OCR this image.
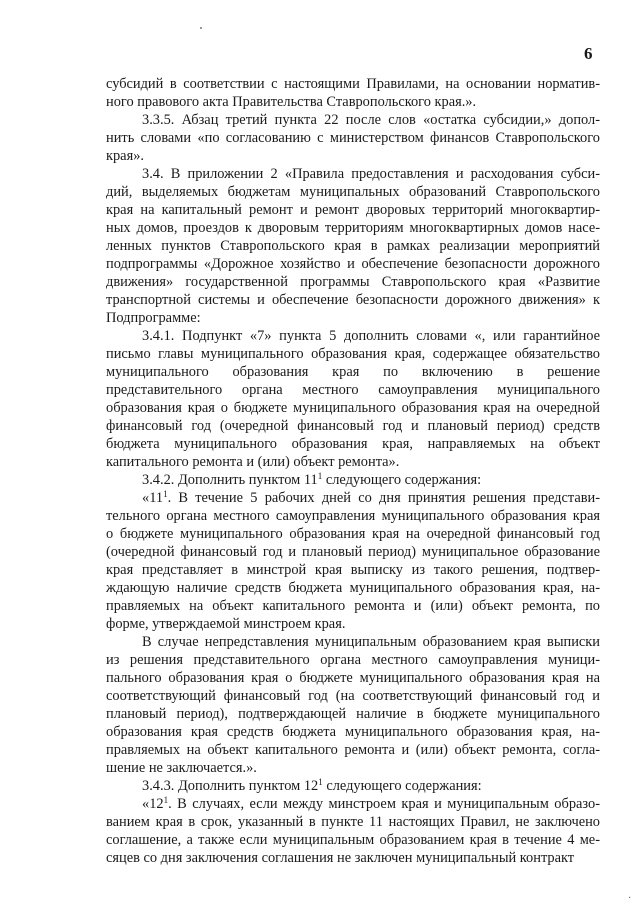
6
субсидий в соответствии с настоящими Правилами, на основании норматив-
ного правового акта Правительства Ставропольского края.».
3.3.5. Абзац третий пункта 22 после слов «остатка субсидии,» допол-
нить словами «по согласованию с министерством финансов Ставропольского
края».
3.4. В приложении 2 «Правила предоставления и расходования субси-
дий, выделяемых бюджетам муниципальных образований Ставропольского
края на капитальный ремонт и ремонт дворовых территорий многоквартир-
ных домов, проездов к дворовым территориям многоквартирных домов насе-
ленных пунктов Ставропольского края в рамках реализации мероприятий
подпрограммы «Дорожное хозяйство и обеспечение безопасности дорожного
движения» государственной программы Ставропольского края «Развитие
транспортной системы и обеспечение безопасности дорожного движения» к
Подпрограмме:
3.4.1. Подпункт «7» пункта 5 дополнить словами «, или гарантийное
письмо главы муниципального образования края, содержащее обязательство
муниципального образования края по включению в решение
представительного органа местного самоуправления муниципального
образования края о бюджете муниципального образования края на очередной
финансовый год (очередной финансовый год и плановый период) средств
бюджета муниципального образования края, направляемых на объект
капитального ремонта и (или) объект ремонта».
3.4.2. Дополнить пунктом $11^1$ следующего содержания:
«$11^1$. В течение 5 рабочих дней со дня принятия решения представи-
тельного органа местного самоуправления муниципального образования края
о бюджете муниципального образования края на очередной финансовый год
(очередной финансовый год и плановый период) муниципальное образование
края представляет в минстрой края выписку из такого решения, подтвер-
ждающую наличие средств бюджета муниципального образования края, на-
правляемых на объект капитального ремонта и (или) объект ремонта, по
форме, утверждаемой минстроем края.
В случае непредставления муниципальным образованием края выписки
из решения представительного органа местного самоуправления муници-
пального образования края о бюджете муниципального образования края на
соответствующий финансовый год (на соответствующий финансовый год и
плановый период), подтверждающей наличие в бюджете муниципального
образования края средств бюджета муниципального образования края, на-
правляемых на объект капитального ремонта и (или) объект ремонта, согла-
шение не заключается.».
3.4.3. Дополнить пунктом $12^1$ следующего содержания:
«$12^1$. В случаях, если между минстроем края и муниципальным образо-
ванием края в срок, указанный в пункте 11 настоящих Правил, не заключено
соглашение, а также если муниципальным образованием края в течение 4 ме-
сяцев со дня заключения соглашения не заключен муниципальный контракт
·
